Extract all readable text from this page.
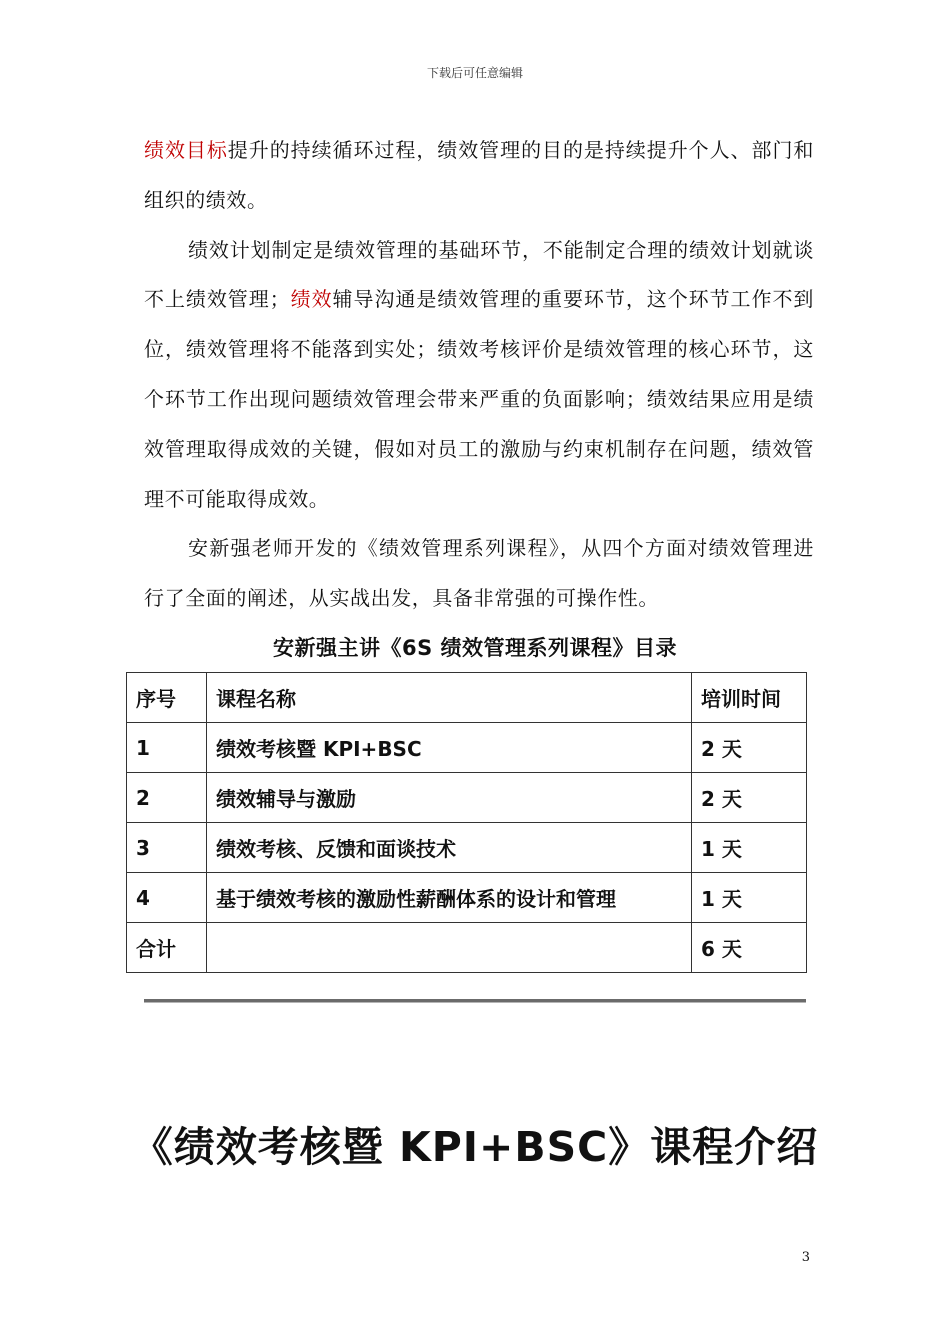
下载后可任意编辑

绩效目标提升的持续循环过程，绩效管理的目的是持续提升个人、部门和组织的绩效。

绩效计划制定是绩效管理的基础环节，不能制定合理的绩效计划就谈不上绩效管理；绩效辅导沟通是绩效管理的重要环节，这个环节工作不到位，绩效管理将不能落到实处；绩效考核评价是绩效管理的核心环节，这个环节工作出现问题绩效管理会带来严重的负面影响；绩效结果应用是绩效管理取得成效的关键，假如对员工的激励与约束机制存在问题，绩效管理不可能取得成效。

安新强老师开发的《绩效管理系列课程》，从四个方面对绩效管理进行了全面的阐述，从实战出发，具备非常强的可操作性。

安新强主讲《6S 绩效管理系列课程》目录
序号	课程名称	培训时间
1	绩效考核暨 KPI+BSC	2 天
2	绩效辅导与激励	2 天
3	绩效考核、反馈和面谈技术	1 天
4	基于绩效考核的激励性薪酬体系的设计和管理	1 天
合计		6 天
《绩效考核暨 KPI+BSC》课程介绍
3
